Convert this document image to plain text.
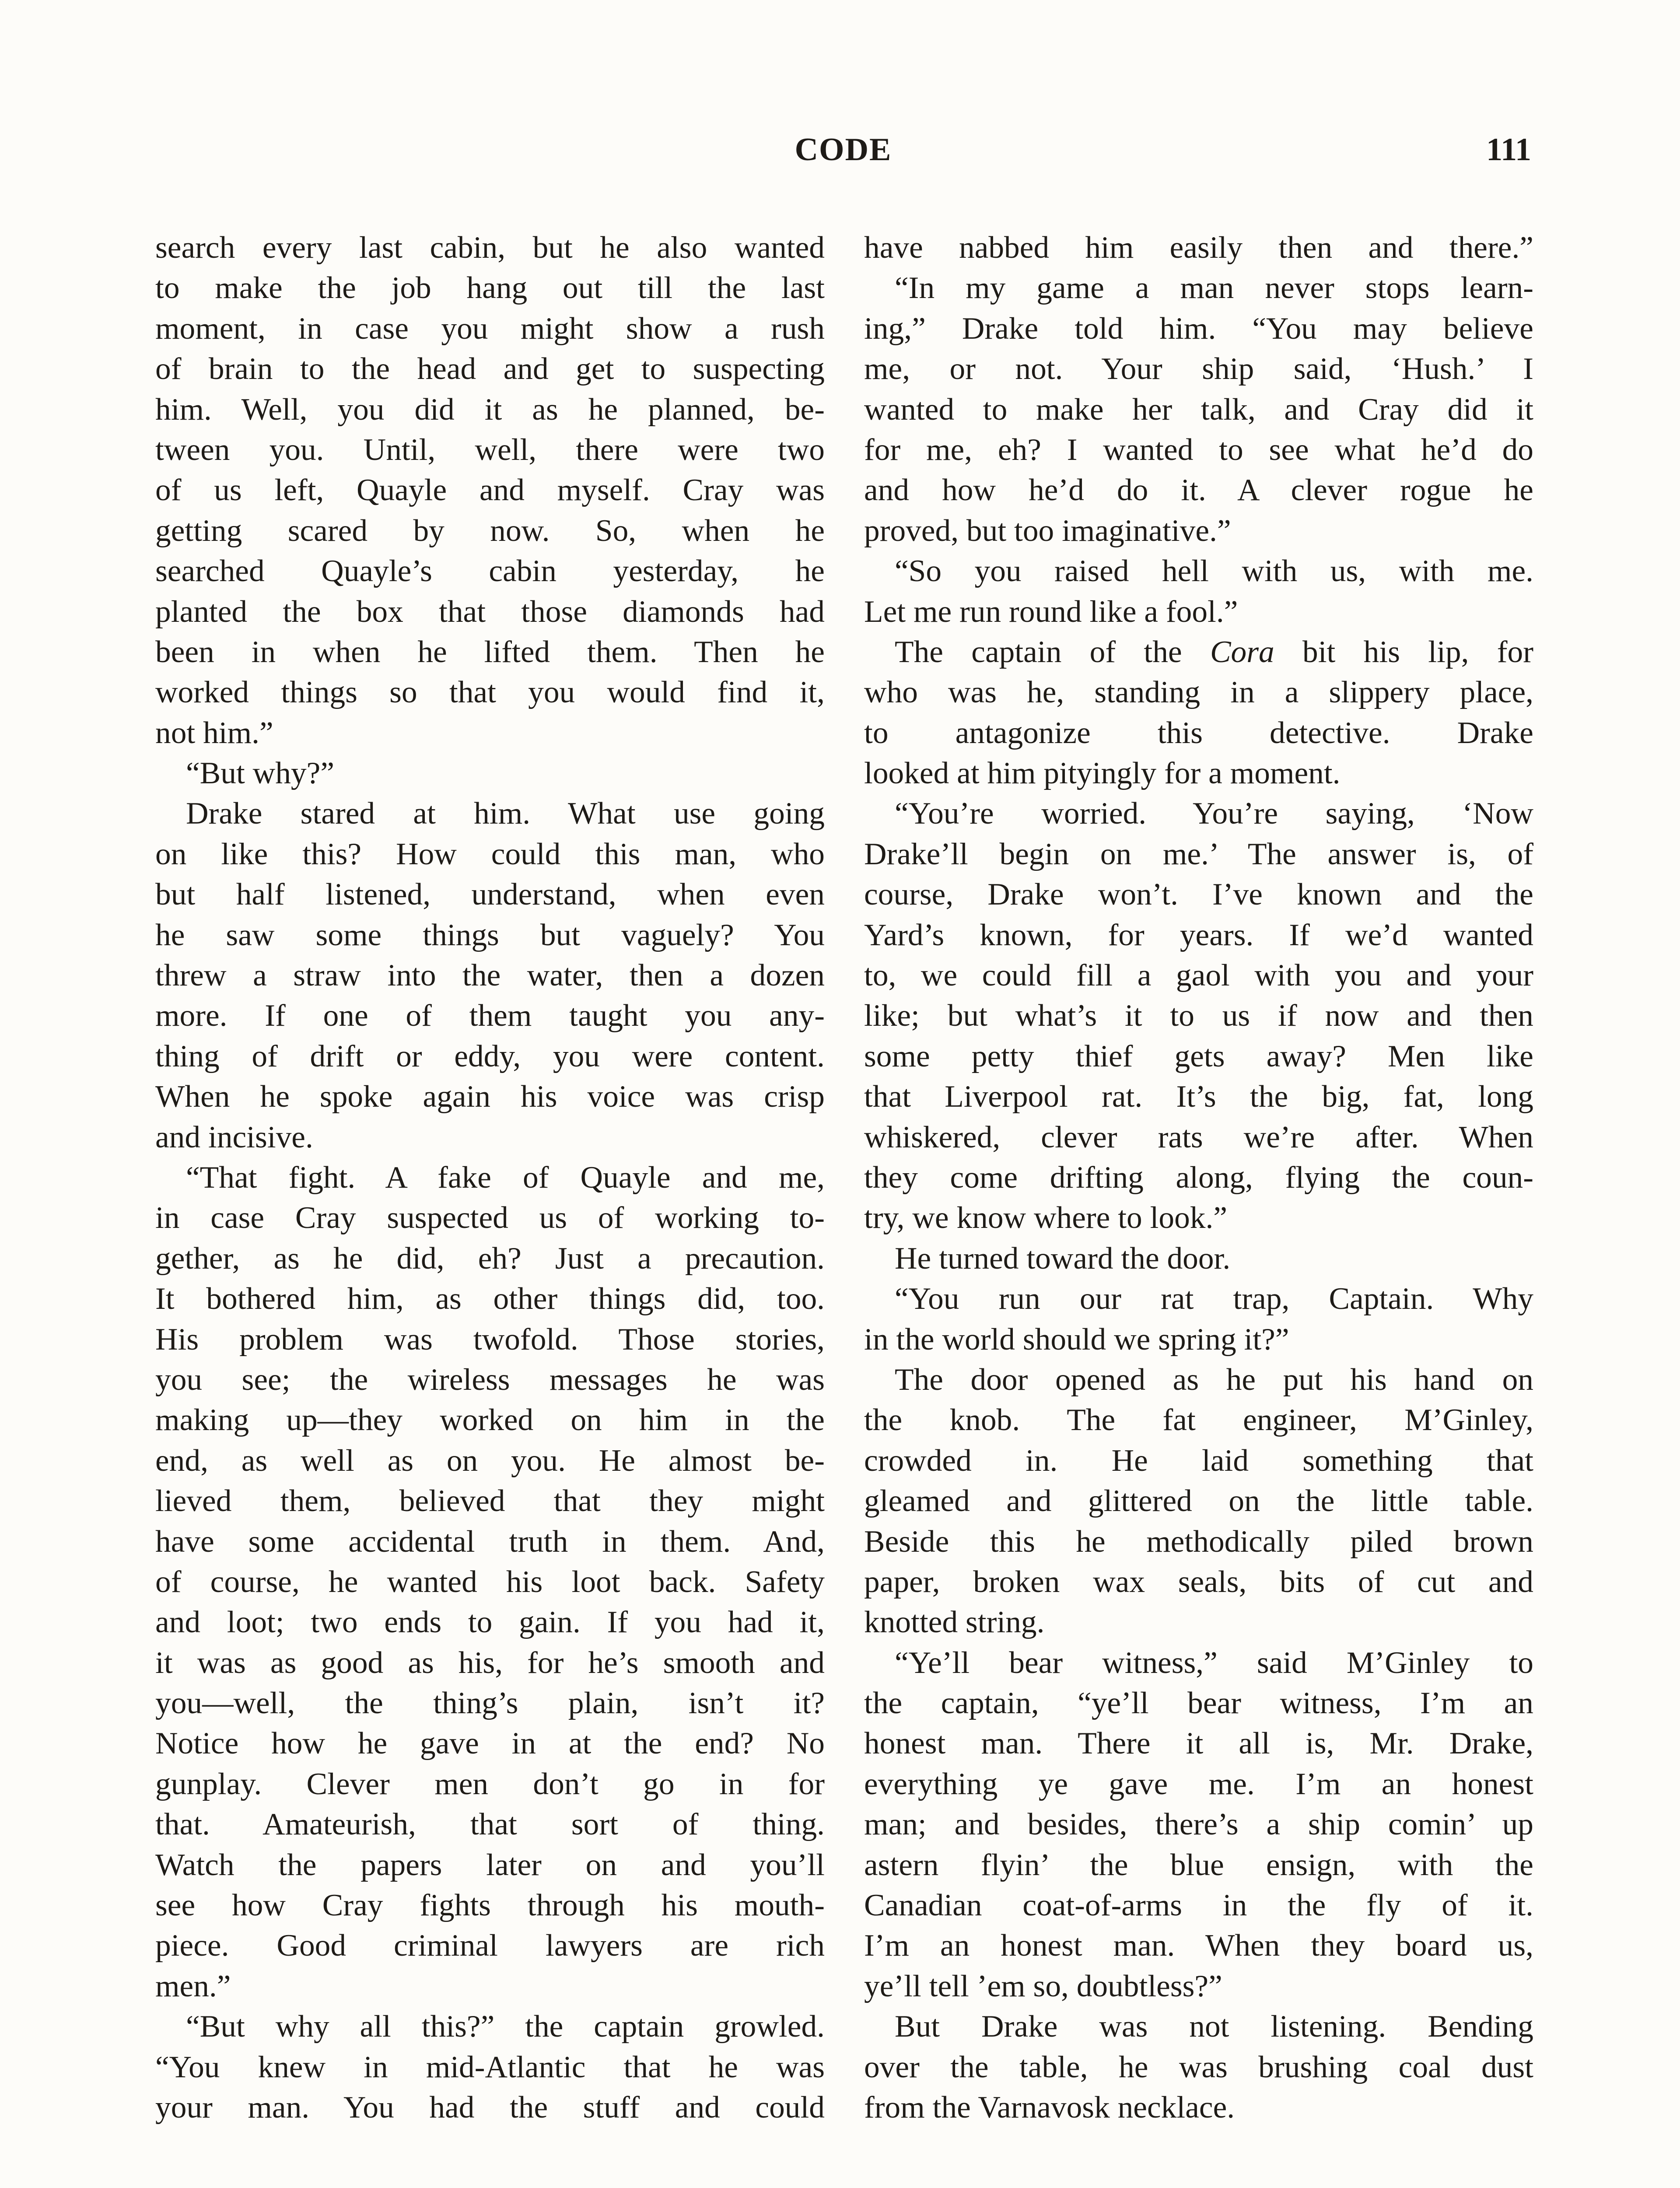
CODE	111
search every last cabin, but he also wanted
to make the job hang out till the last
moment, in case you might show a rush
of brain to the head and get to suspecting
him. Well, you did it as he planned, be-
tween you. Until, well, there were two
of us left, Quayle and myself. Cray was
getting scared by now. So, when he
searched Quayle’s cabin yesterday, he
planted the box that those diamonds had
been in when he lifted them. Then he
worked things so that you would find it,
not him.”
“But why?”
Drake stared at him. What use going
on like this? How could this man, who
but half listened, understand, when even
he saw some things but vaguely? You
threw a straw into the water, then a dozen
more. If one of them taught you any-
thing of drift or eddy, you were content.
When he spoke again his voice was crisp
and incisive.
“That fight. A fake of Quayle and me,
in case Cray suspected us of working to-
gether, as he did, eh? Just a precaution.
It bothered him, as other things did, too.
His problem was twofold. Those stories,
you see; the wireless messages he was
making up—they worked on him in the
end, as well as on you. He almost be-
lieved them, believed that they might
have some accidental truth in them. And,
of course, he wanted his loot back. Safety
and loot; two ends to gain. If you had it,
it was as good as his, for he’s smooth and
you—well, the thing’s plain, isn’t it?
Notice how he gave in at the end? No
gunplay. Clever men don’t go in for
that. Amateurish, that sort of thing.
Watch the papers later on and you’ll
see how Cray fights through his mouth-
piece. Good criminal lawyers are rich
men.”
“But why all this?” the captain growled.
“You knew in mid-Atlantic that he was
your man. You had the stuff and could
have nabbed him easily then and there.”
“In my game a man never stops learn-
ing,” Drake told him. “You may believe
me, or not. Your ship said, ‘Hush.’ I
wanted to make her talk, and Cray did it
for me, eh? I wanted to see what he’d do
and how he’d do it. A clever rogue he
proved, but too imaginative.”
“So you raised hell with us, with me.
Let me run round like a fool.”
The captain of the Cora bit his lip, for
who was he, standing in a slippery place,
to antagonize this detective. Drake
looked at him pityingly for a moment.
“You’re worried. You’re saying, ‘Now
Drake’ll begin on me.’ The answer is, of
course, Drake won’t. I’ve known and the
Yard’s known, for years. If we’d wanted
to, we could fill a gaol with you and your
like; but what’s it to us if now and then
some petty thief gets away? Men like
that Liverpool rat. It’s the big, fat, long
whiskered, clever rats we’re after. When
they come drifting along, flying the coun-
try, we know where to look.”
He turned toward the door.
“You run our rat trap, Captain. Why
in the world should we spring it?”
The door opened as he put his hand on
the knob. The fat engineer, M’Ginley,
crowded in. He laid something that
gleamed and glittered on the little table.
Beside this he methodically piled brown
paper, broken wax seals, bits of cut and
knotted string.
“Ye’ll bear witness,” said M’Ginley to
the captain, “ye’ll bear witness, I’m an
honest man. There it all is, Mr. Drake,
everything ye gave me. I’m an honest
man; and besides, there’s a ship comin’ up
astern flyin’ the blue ensign, with the
Canadian coat-of-arms in the fly of it.
I’m an honest man. When they board us,
ye’ll tell ’em so, doubtless?”
But Drake was not listening. Bending
over the table, he was brushing coal dust
from the Varnavosk necklace.
